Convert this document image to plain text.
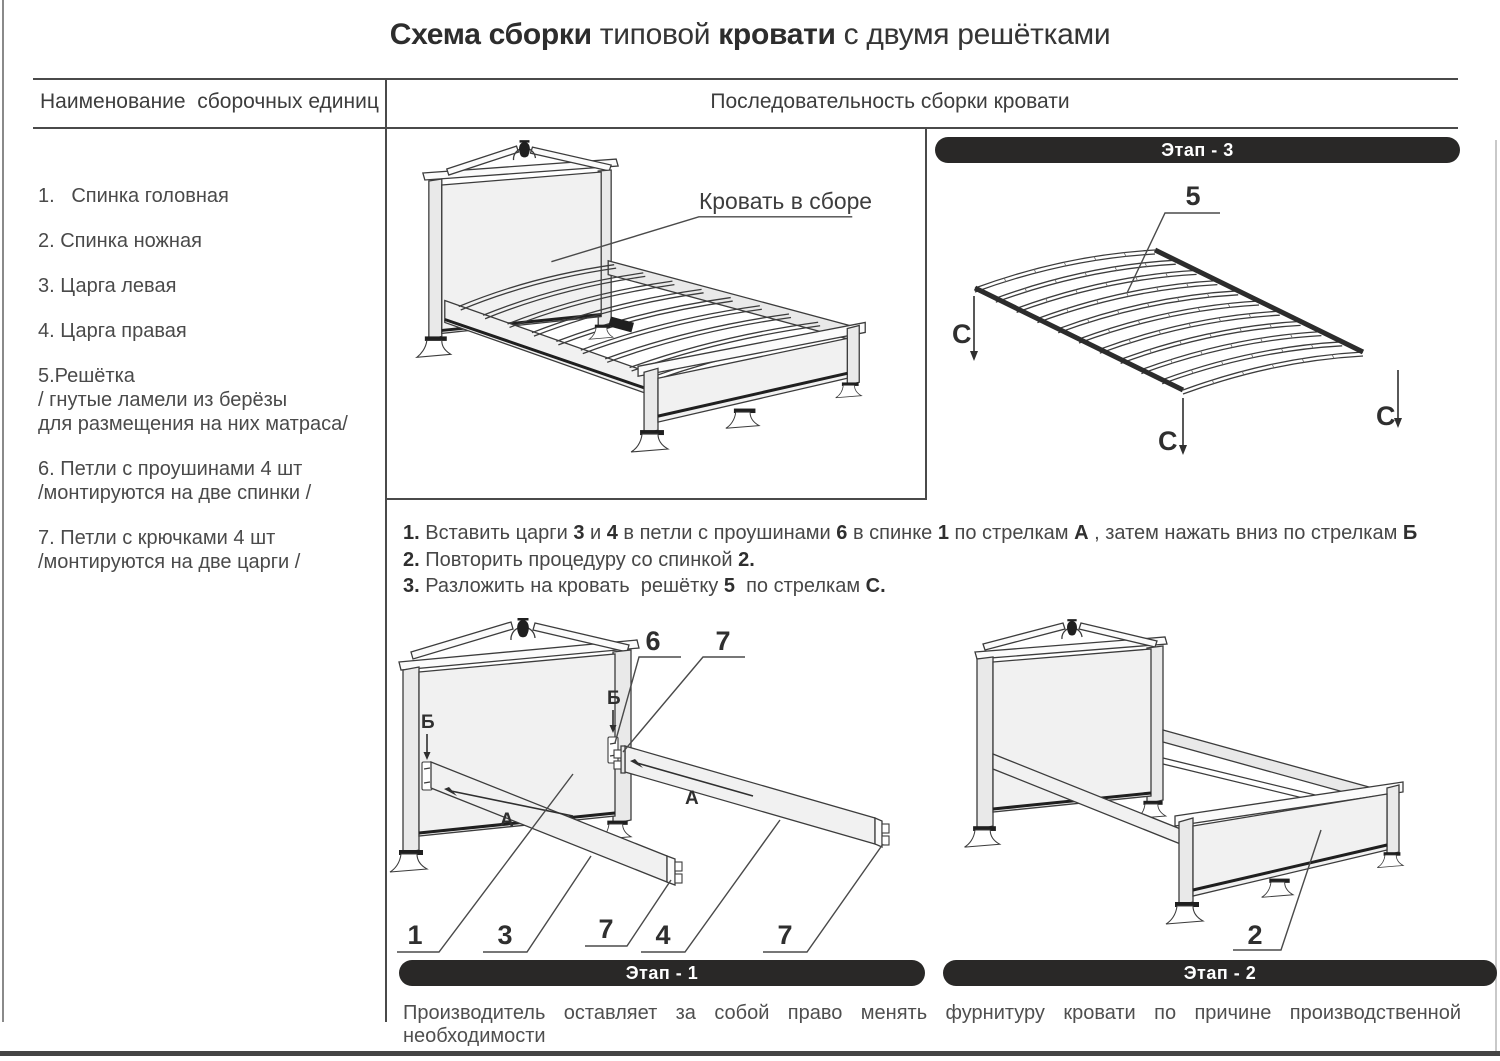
Схема сборки типовой кровати с двумя решётками
Наименование  сборочных единиц	Последовательность сборки кровати
1.   Спинка головная
2. Спинка ножная
3. Царга левая
4. Царга правая
5.Решётка
/ гнутые ламели из берёзы
для размещения на них матраса/
6. Петли с проушинами 4 шт
/монтируются на две спинки /
7. Петли с крючками 4 шт
/монтируются на две царги /
Кровать в сборе
Этап - 3
5
С
С
С
1. Вставить царги 3 и 4 в петли с проушинами 6 в спинке 1 по стрелкам А , затем нажать вниз по стрелкам Б
2. Повторить процедуру со спинкой 2.
3. Разложить на кровать  решётку 5  по стрелкам С.
Б
Б
А
А
6 7
1	3	7 4	7	2
Этап - 1	Этап - 2
Производитель оставляет за собой право менять фурнитуру кровати по причине производственной необходимости
